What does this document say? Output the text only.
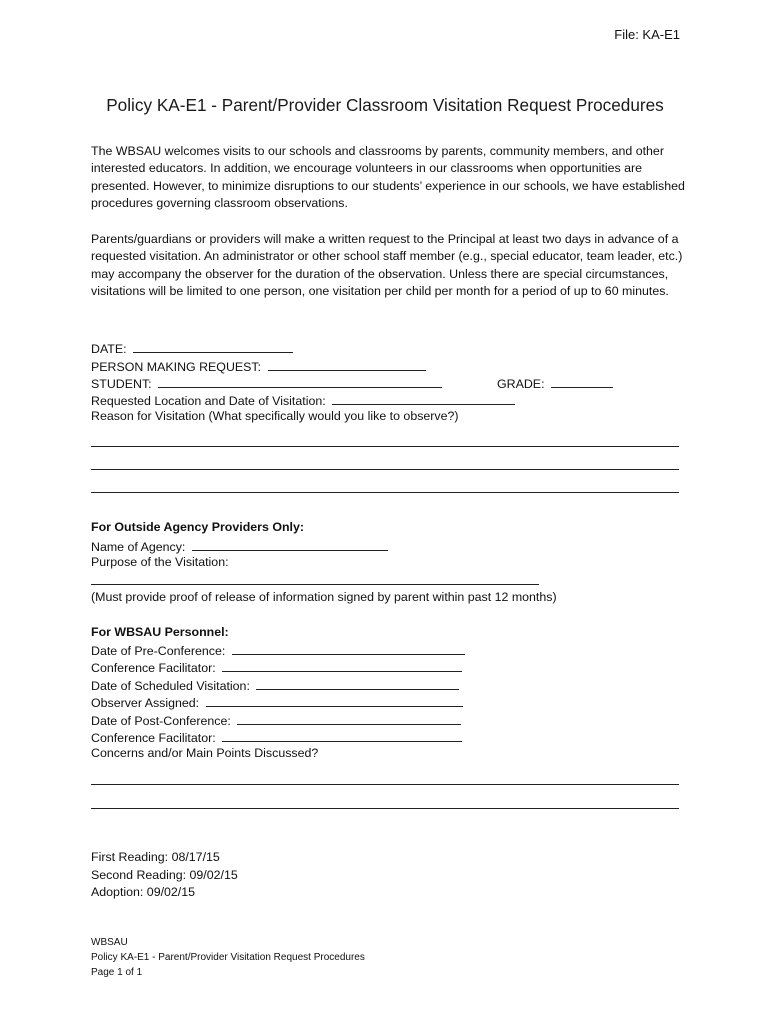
File: KA-E1
Policy KA-E1 - Parent/Provider Classroom Visitation Request Procedures
The WBSAU welcomes visits to our schools and classrooms by parents, community members, and other interested educators. In addition, we encourage volunteers in our classrooms when opportunities are presented. However, to minimize disruptions to our students’ experience in our schools, we have established procedures governing classroom observations.
Parents/guardians or providers will make a written request to the Principal at least two days in advance of a requested visitation. An administrator or other school staff member (e.g., special educator, team leader, etc.) may accompany the observer for the duration of the observation. Unless there are special circumstances, visitations will be limited to one person, one visitation per child per month for a period of up to 60 minutes.
DATE:
PERSON MAKING REQUEST:
STUDENT:	GRADE:
Requested Location and Date of Visitation:
Reason for Visitation (What specifically would you like to observe?)
For Outside Agency Providers Only:
Name of Agency:
Purpose of the Visitation:
(Must provide proof of release of information signed by parent within past 12 months)
For WBSAU Personnel:
Date of Pre-Conference:
Conference Facilitator:
Date of Scheduled Visitation:
Observer Assigned:
Date of Post-Conference:
Conference Facilitator:
Concerns and/or Main Points Discussed?
First Reading: 08/17/15
Second Reading: 09/02/15
Adoption: 09/02/15
WBSAU
Policy KA-E1 - Parent/Provider Visitation Request Procedures
Page 1 of 1
